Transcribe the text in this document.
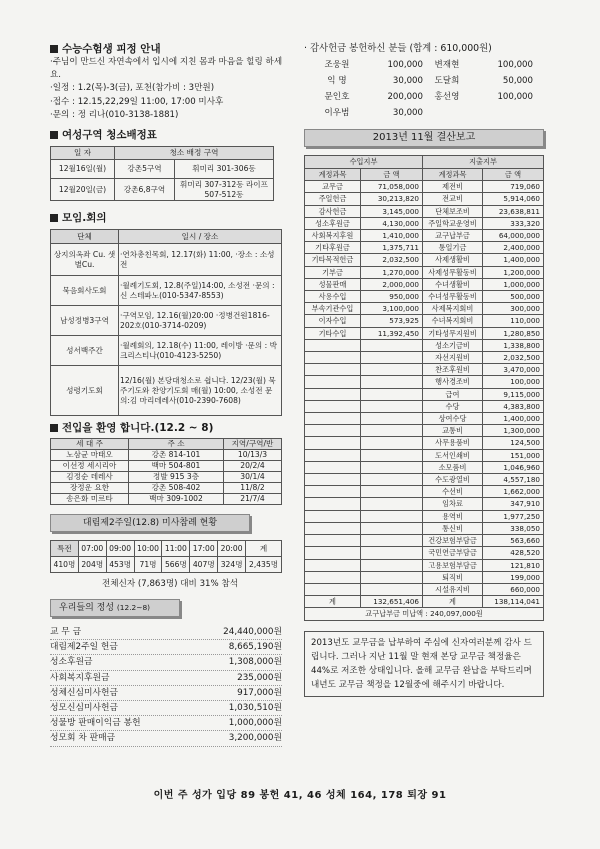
수능수험생 피정 안내

·주님이 만드신 자연속에서 입시에 지친 몸과 마음을 힐링 하세요.

·일정 : 1.2(목)-3(금), 포천(참가비 : 3만원)

·접수 : 12.15,22,29일 11:00, 17:00 미사후

·문의 : 정 리나(010-3138-1881)

여성구역 청소배정표
일 자	청소 배정 구역	
12월16일(월)	강촌5구역	휘미리 301-306동
12월20일(금)	강촌6,8구역	휘미리 307-312동 라이프 507-512동
모임.회의
단체	일시 / 장소
상지의옥좌 Cu. 샛별Cu.	·연차총친목회, 12.17(화) 11:00, ·장소 : 소성전
묵음회사도회	·월례기도회, 12.8(주일)14:00, 소성전 ·문의 : 신 스테파노(010-5347-8553)
남성정병3구역	·구역모임, 12.16(월)20:00 ·정병건원1816-202호(010-3714-0209)
성서백주간	·월례회의, 12.18(수) 11:00, 레이방 ·문의 : 박 크리스티나(010-4123-5250)
성령기도회	12/16(월) 본당대청소로 쉽니다. 12/23(월) 묵주기도와 찬양기도회 매(월) 10:00, 소성전 문의:김 마리데레사(010-2390-7608)
전입을 환영 합니다.(12.2 ~ 8)
세 대 주	주 소	지역/구역/반
노삼균 마태오	강촌 814-101	10/13/3
이선정 세시리아	백마 504-801	20/2/4
김정순 데레사	정발 915 3층	30/1/4
장정운 요한	강촌 508-402	11/8/2
송은화 미르타	백마 309-1002	21/7/4
대림제2주일(12.8) 미사참례 현황
특전	07:00	09:00	10:00	11:00	17:00	20:00	계
410명	204명	453명	71명	566명	407명	324명	2,435명
전체신자 (7,863명) 대비 31% 참석
우리들의 정성 (12.2~8)
교 무 금	24,440,000원
대림제2주일 헌금	8,665,190원
성소후원금	1,308,000원
사회복지후원금	235,000원
성체신심미사헌금	917,000원
성모신심미사헌금	1,030,510원
성물방 판매이익금 봉헌	1,000,000원
성모회 차 판매금	3,200,000원
· 감사헌금 봉헌하신 분들 (합계 : 610,000원)
조웅원	100,000	변재현	100,000
익 명	30,000	도달희	50,000
문인호	200,000	홍선영	100,000
이우범	30,000		
2013년 11월 결산보고
수입지부		지출지부	
계정과목	금 액	계정과목	금 액
교무금	71,058,000	제전비	719,060
주일헌금	30,213,820	전교비	5,914,060
감사헌금	3,145,000	단체보조비	23,638,811
성소후원금	4,130,000	주일학교운영비	333,320
사회복지후원	1,410,000	교구납부금	64,000,000
기타후원금	1,375,711	통일기금	2,400,000
기타목적헌금	2,032,500	사제생활비	1,400,000
기부금	1,270,000	사제성무활동비	1,200,000
성물판매	2,000,000	수녀생활비	1,000,000
사용수입	950,000	수녀성무활동비	500,000
부속기관수입	3,100,000	사제복지회비	300,000
이자수입	573,925	수녀복지회비	110,000
기타수입	11,392,450	기타성무지원비	1,280,850
		성소기금비	1,338,800
		자선지원비	2,032,500
		찬조후원비	3,470,000
		행사경조비	100,000
		급여	9,115,000
		수당	4,383,800
		상여수당	1,400,000
		교통비	1,300,000
		사무용품비	124,500
		도서인쇄비	151,000
		소모품비	1,046,960
		수도광열비	4,557,180
		수선비	1,662,000
		임차료	347,910
		용역비	1,977,250
		통신비	338,050
		건강보험부담금	563,660
		국민연금부담금	428,520
		고용보험부담금	121,810
		퇴직비	199,000
		시설유지비	660,000
계	132,651,406	계	138,114,041
교구납부금 미납액 : 240,097,000원			
2013년도 교무금을 납부하여 주심에 신자여러분께 감사 드립니다. 그러나 지난 11월 말 현재 본당 교무금 책정율은 44%로 저조한 상태입니다. 올해 교무금 완납을 부탁드리며 내년도 교무금 책정을 12월중에 해주시기 바랍니다.
이번 주 성가 입당 89 봉헌 41, 46 성체 164, 178 퇴장 91
